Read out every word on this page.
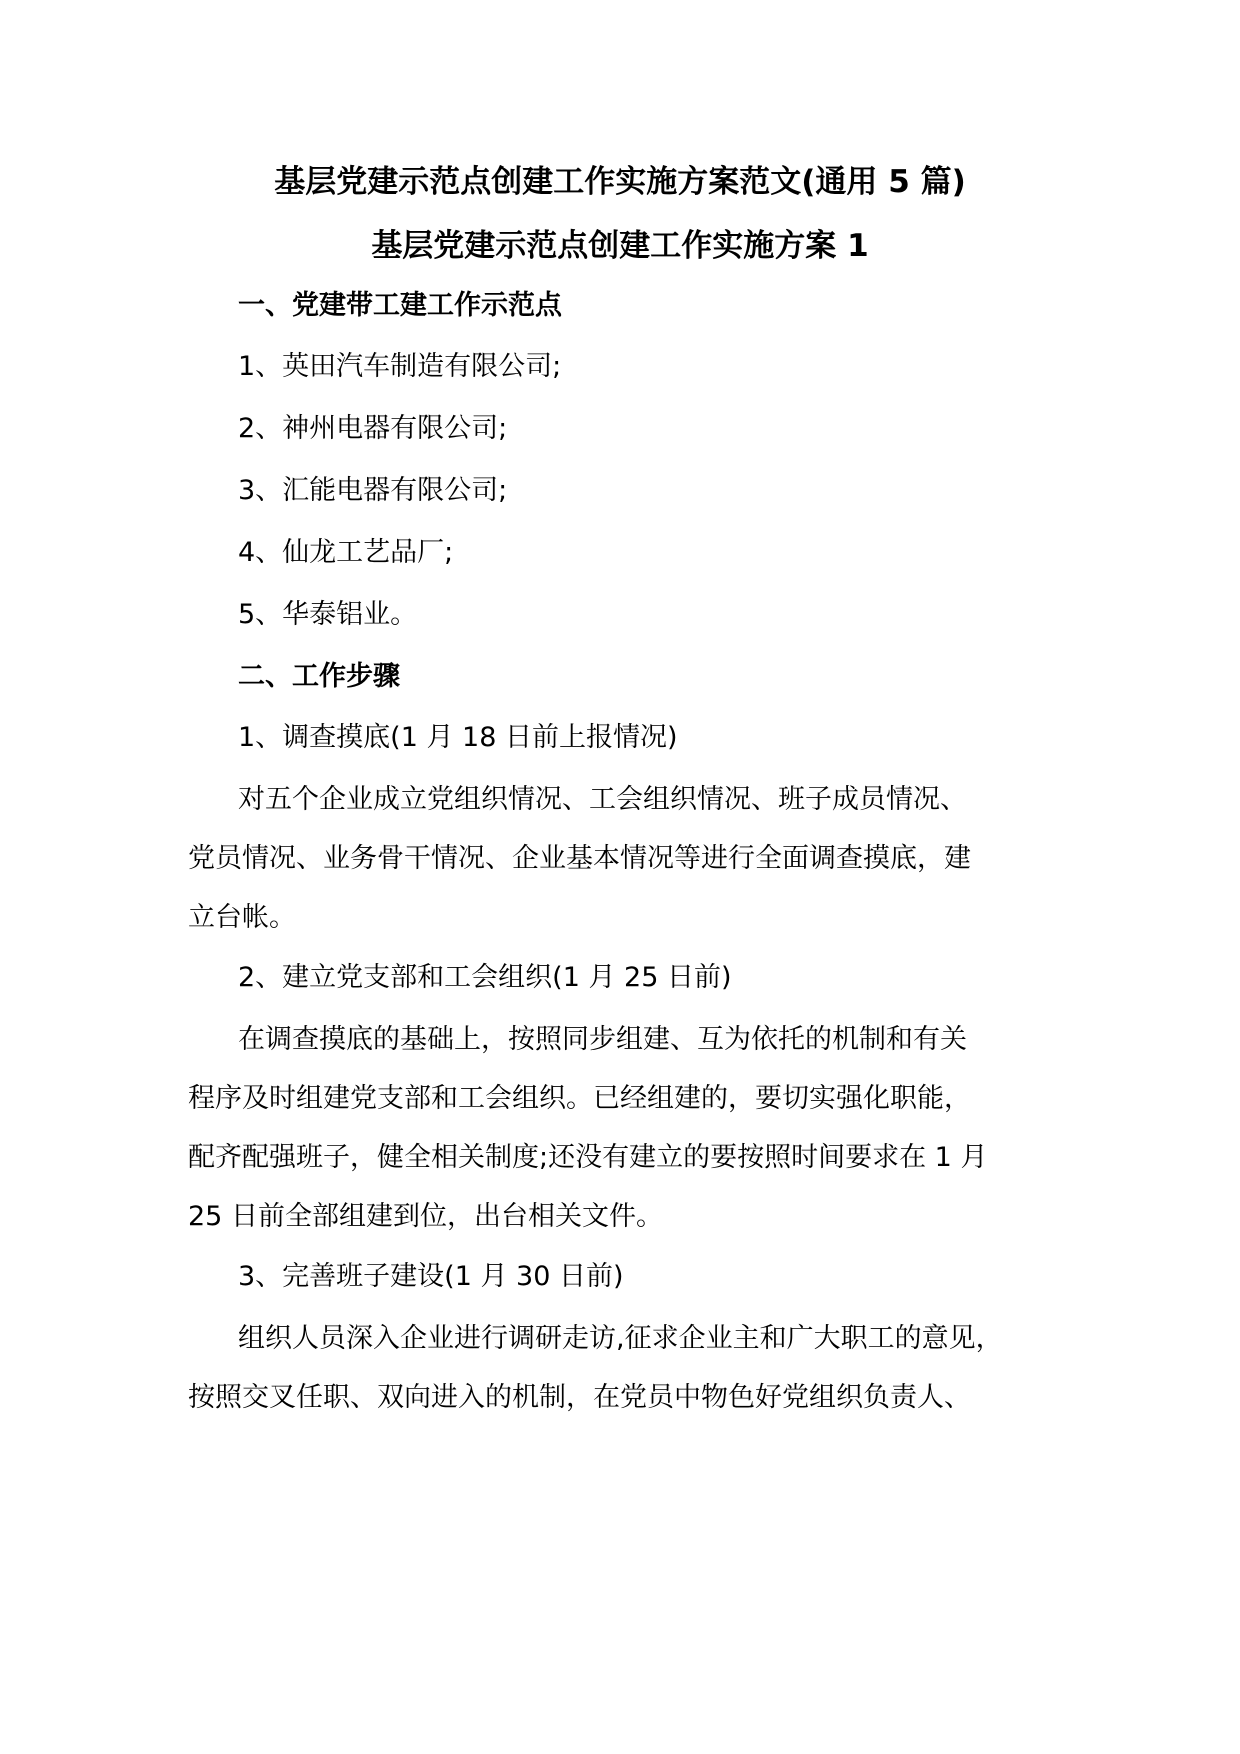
基层党建示范点创建工作实施方案范文(通用 5 篇)
基层党建示范点创建工作实施方案 1

一、党建带工建工作示范点

1、英田汽车制造有限公司;

2、神州电器有限公司;

3、汇能电器有限公司;

4、仙龙工艺品厂;

5、华泰铝业。

二、工作步骤

1、调查摸底(1 月 18 日前上报情况)

对五个企业成立党组织情况、工会组织情况、班子成员情况、

党员情况、业务骨干情况、企业基本情况等进行全面调查摸底，建

立台帐。

2、建立党支部和工会组织(1 月 25 日前)

在调查摸底的基础上，按照同步组建、互为依托的机制和有关

程序及时组建党支部和工会组织。已经组建的，要切实强化职能，

配齐配强班子，健全相关制度;还没有建立的要按照时间要求在 1 月

25 日前全部组建到位，出台相关文件。

3、完善班子建设(1 月 30 日前)

组织人员深入企业进行调研走访,征求企业主和广大职工的意见，

按照交叉任职、双向进入的机制，在党员中物色好党组织负责人、
